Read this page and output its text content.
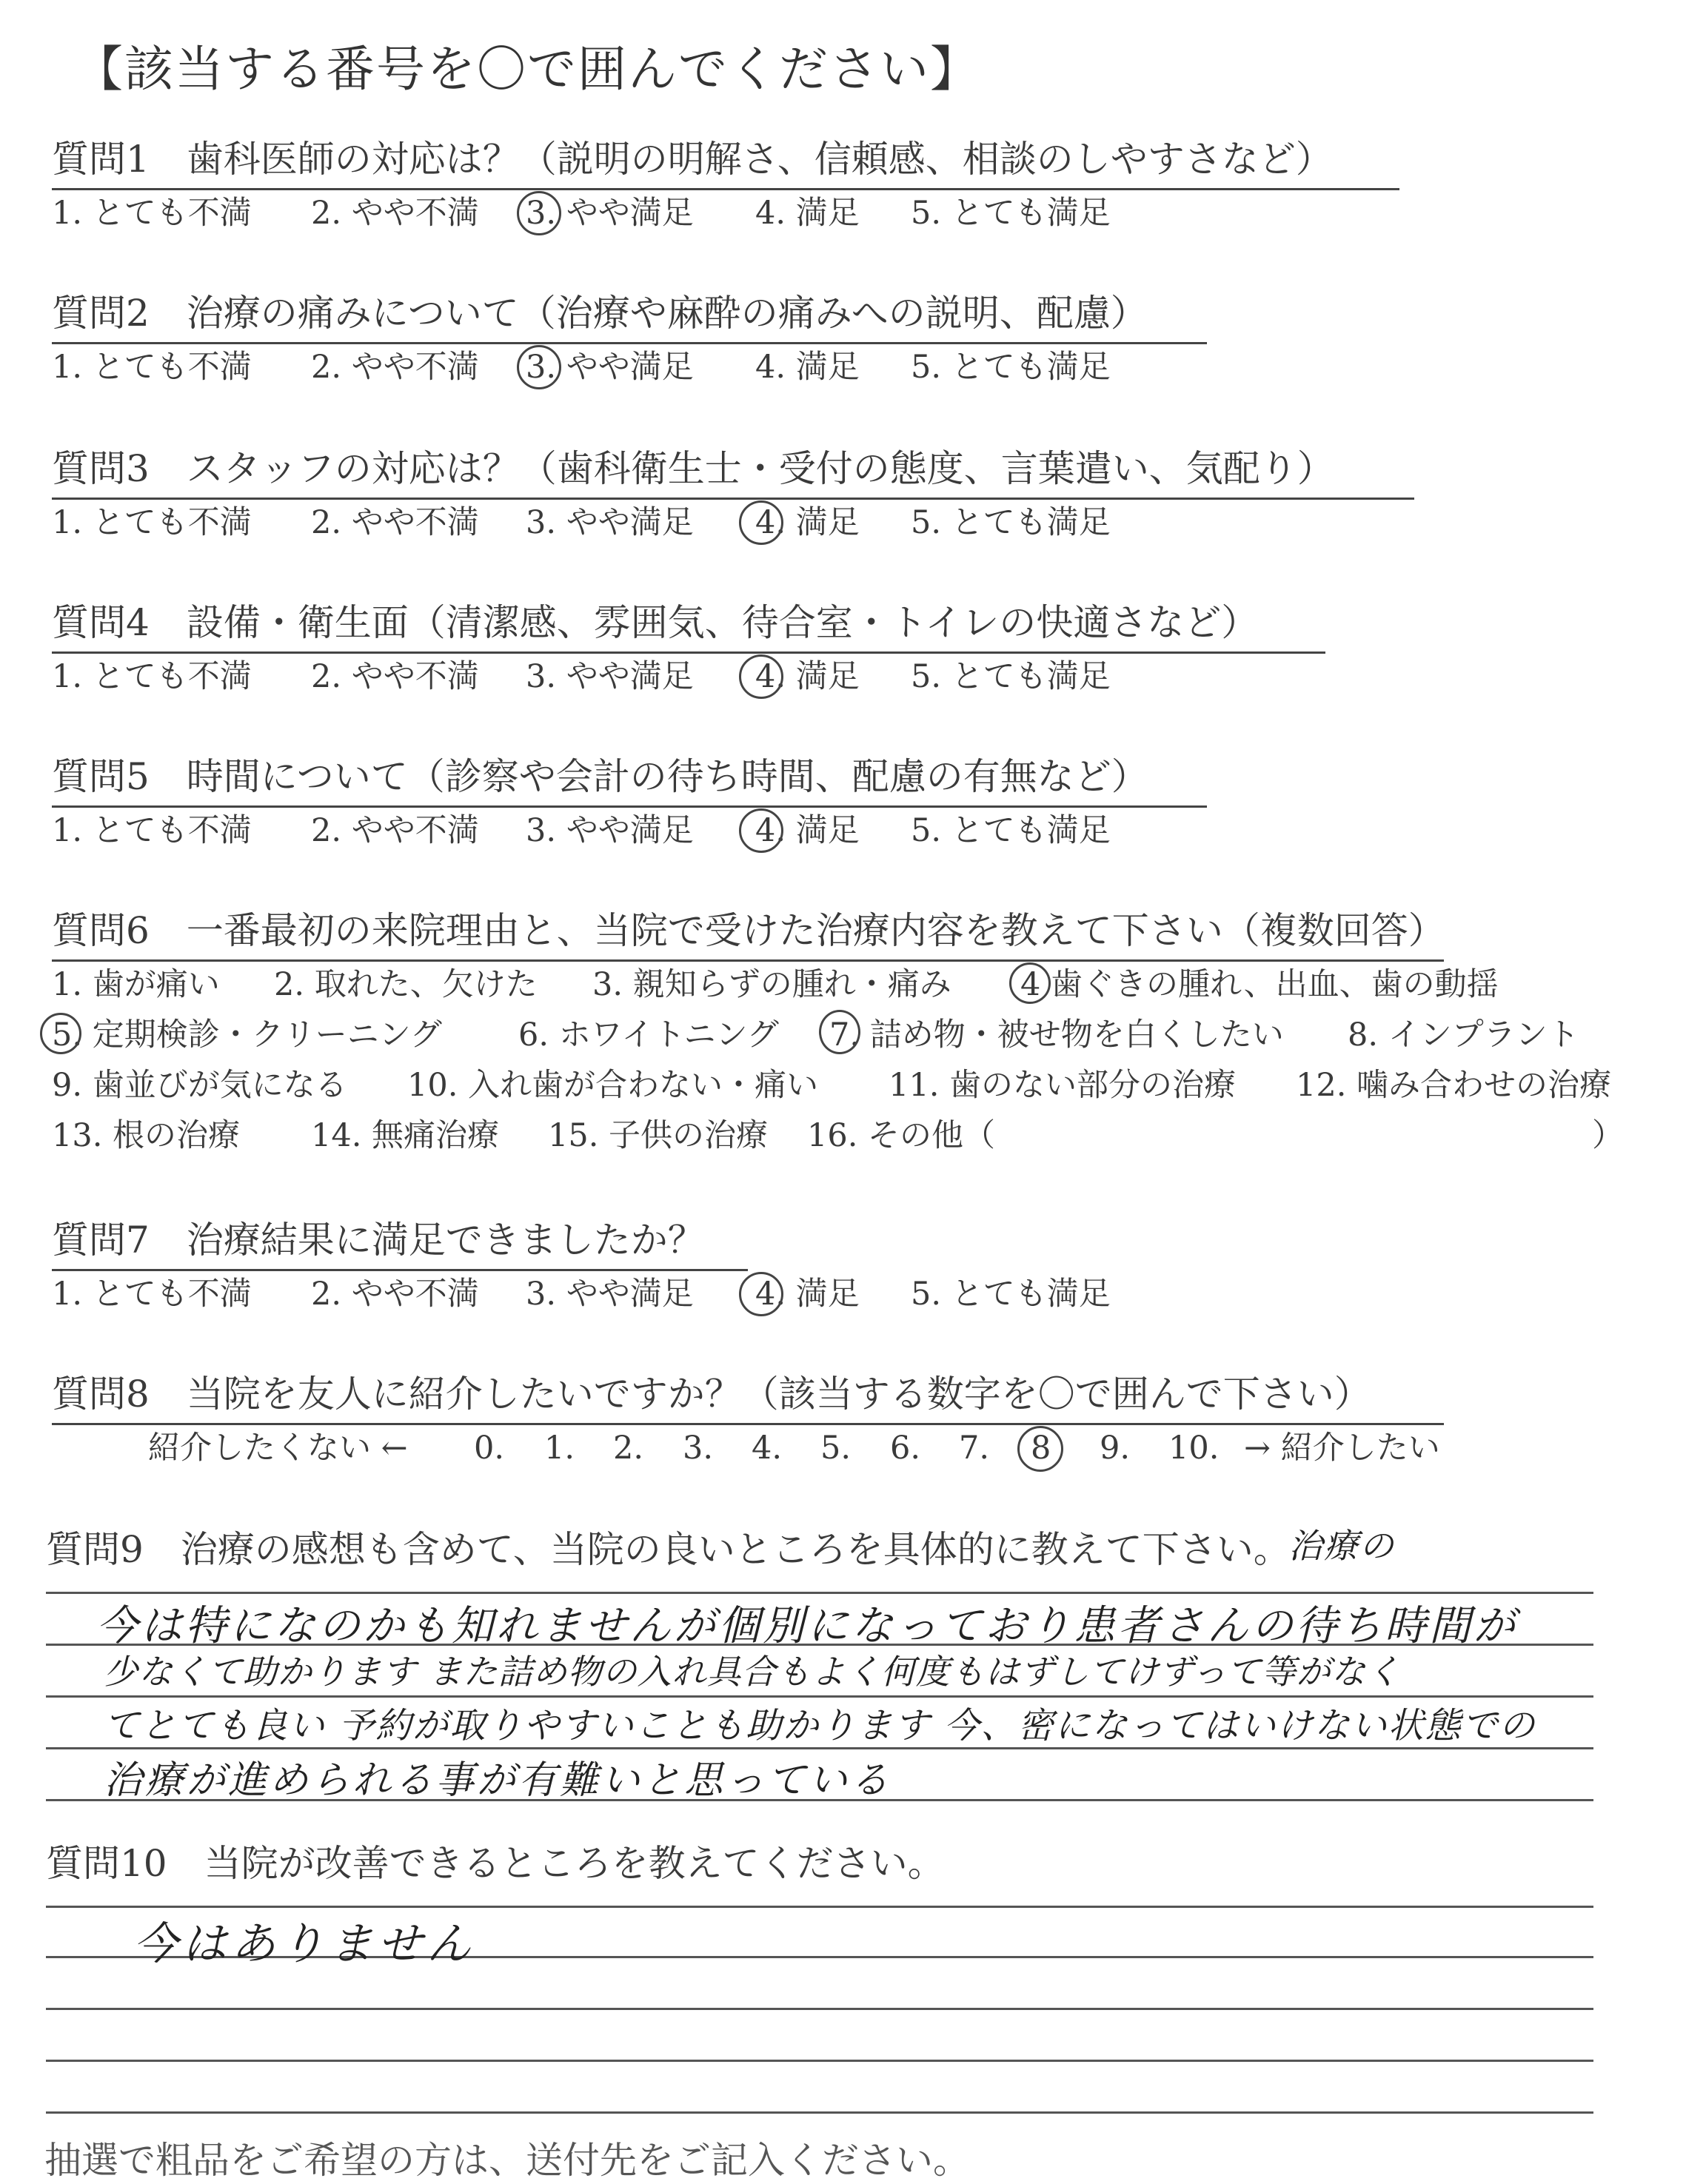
【該当する番号を〇で囲んでください】
質問1　歯科医師の対応は？（説明の明解さ、信頼感、相談のしやすさなど）
1. とても不満 2. やや不満 3. やや満足 4. 満足 5. とても満足
質問2　治療の痛みについて（治療や麻酔の痛みへの説明、配慮）
1. とても不満 2. やや不満 3. やや満足 4. 満足 5. とても満足
質問3　スタッフの対応は？（歯科衛生士・受付の態度、言葉遣い、気配り）
1. とても不満 2. やや不満 3. やや満足 4. 満足 5. とても満足
質問4　設備・衛生面（清潔感、雰囲気、待合室・トイレの快適さなど）
1. とても不満 2. やや不満 3. やや満足 4. 満足 5. とても満足
質問5　時間について（診察や会計の待ち時間、配慮の有無など）
1. とても不満 2. やや不満 3. やや満足 4. 満足 5. とても満足
質問6　一番最初の来院理由と、当院で受けた治療内容を教えて下さい（複数回答）
1. 歯が痛い 2. 取れた、欠けた 3. 親知らずの腫れ・痛み 4 歯ぐきの腫れ、出血、歯の動揺
5. 定期検診・クリーニング 6. ホワイトニング 7. 詰め物・被せ物を白くしたい 8. インプラント
9. 歯並びが気になる 10. 入れ歯が合わない・痛い 11. 歯のない部分の治療 12. 噛み合わせの治療
13. 根の治療 14. 無痛治療 15. 子供の治療 16. その他（	）
質問7　治療結果に満足できましたか？
1. とても不満 2. やや不満 3. やや満足 4. 満足 5. とても満足
質問8　当院を友人に紹介したいですか？（該当する数字を〇で囲んで下さい）
紹介したくない ← 0. 1. 2. 3. 4. 5. 6. 7. 8 9. 10. → 紹介したい
質問9　治療の感想も含めて、当院の良いところを具体的に教えて下さい。
治療の
今は特になのかも知れませんが個別になっており患者さんの待ち時間が
少なくて助かります また詰め物の入れ具合もよく何度もはずしてけずって等がなく
てとても良い 予約が取りやすいことも助かります 今、密になってはいけない状態での
治療が進められる事が有難いと思っている
質問10　当院が改善できるところを教えてください。
今はありません
抽選で粗品をご希望の方は、送付先をご記入ください。
